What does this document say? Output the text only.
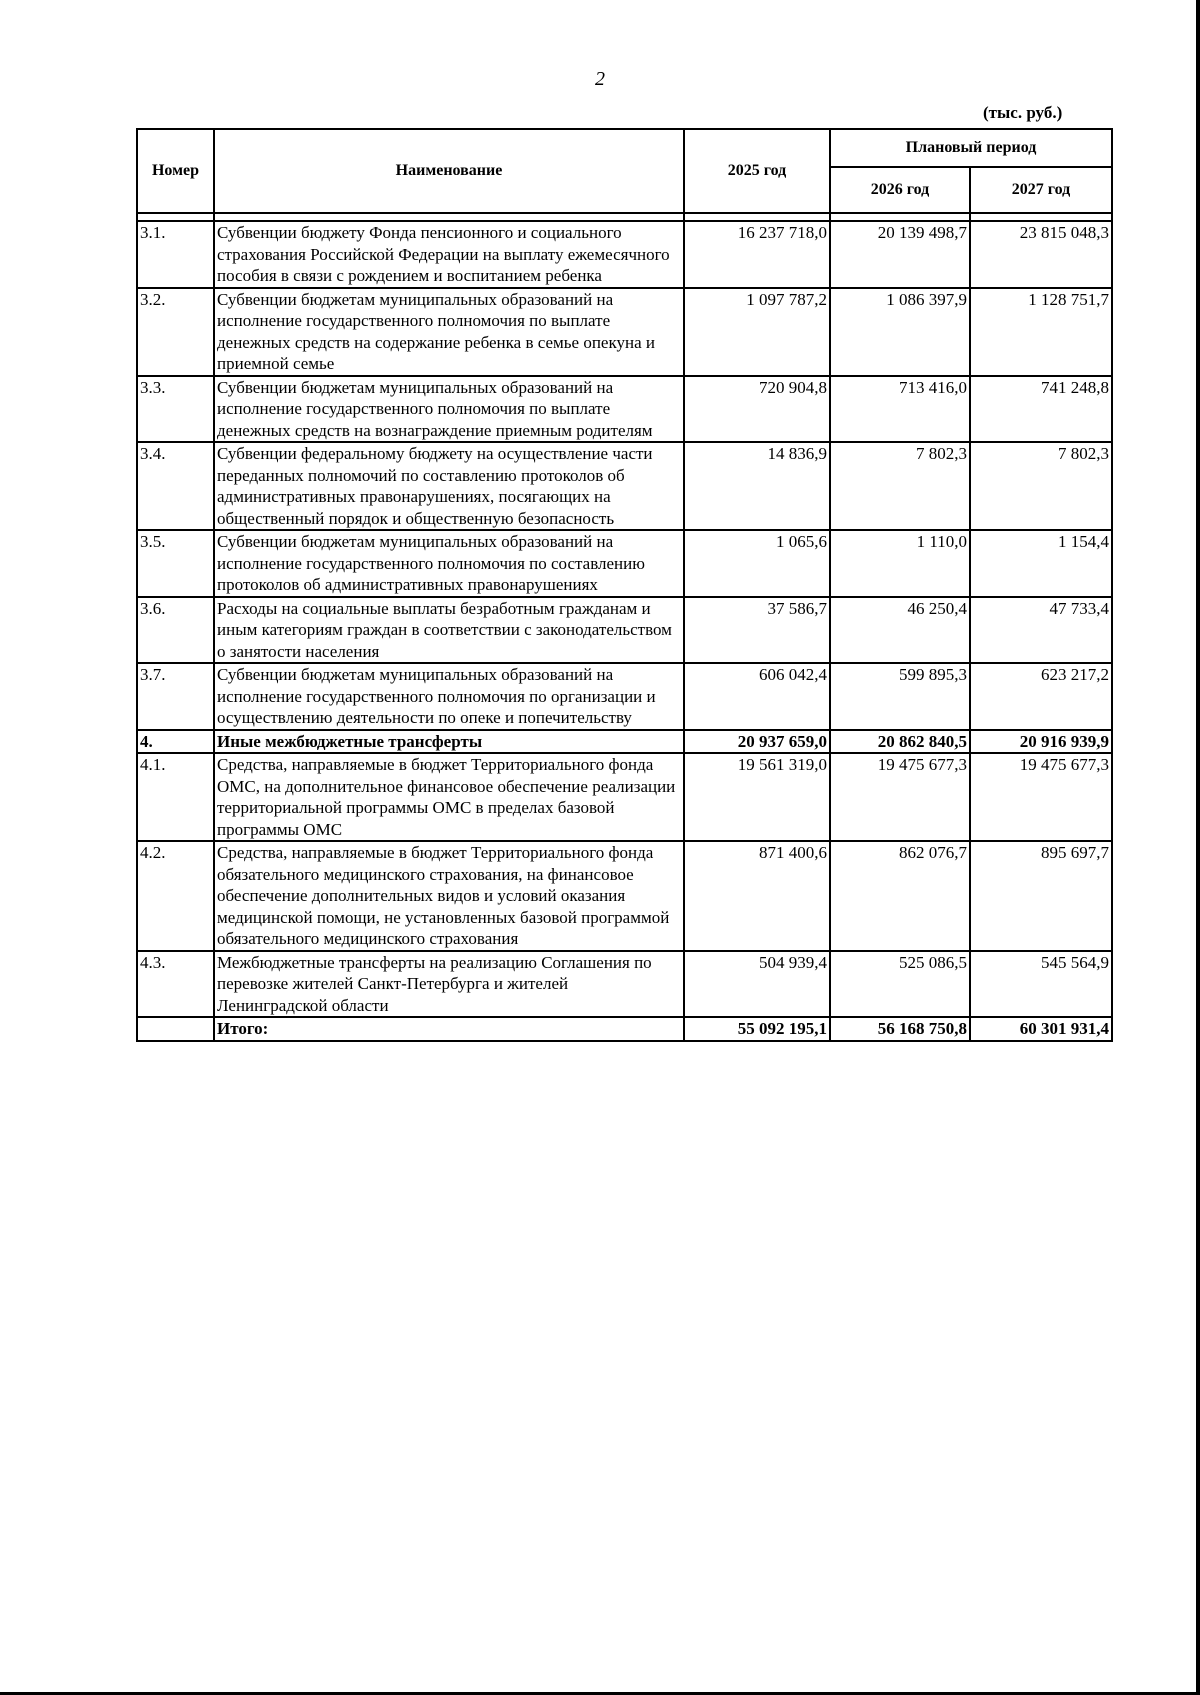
2
(тыс. руб.)
Номер	Наименование	2025 год	Плановый период	
			2026 год	2027 год

3.1.	Субвенции бюджету Фонда пенсионного и социального страхования Российской Федерации на выплату ежемесячного пособия в связи с рождением и воспитанием ребенка	16 237 718,0	20 139 498,7	23 815 048,3
3.2.	Субвенции бюджетам муниципальных образований на исполнение государственного полномочия по выплате денежных средств на содержание ребенка в семье опекуна и приемной семье	1 097 787,2	1 086 397,9	1 128 751,7
3.3.	Субвенции бюджетам муниципальных образований на исполнение государственного полномочия по выплате денежных средств на вознаграждение приемным родителям	720 904,8	713 416,0	741 248,8
3.4.	Субвенции федеральному бюджету на осуществление части переданных полномочий по составлению протоколов об административных правонарушениях, посягающих на общественный порядок и общественную безопасность	14 836,9	7 802,3	7 802,3
3.5.	Субвенции бюджетам муниципальных образований на исполнение государственного полномочия по составлению протоколов об административных правонарушениях	1 065,6	1 110,0	1 154,4
3.6.	Расходы на социальные выплаты безработным гражданам и иным категориям граждан в соответствии с законодательством о занятости населения	37 586,7	46 250,4	47 733,4
3.7.	Субвенции бюджетам муниципальных образований на исполнение государственного полномочия по организации и осуществлению деятельности по опеке и попечительству	606 042,4	599 895,3	623 217,2
4.	Иные межбюджетные трансферты	20 937 659,0	20 862 840,5	20 916 939,9
4.1.	Средства, направляемые в бюджет Территориального фонда ОМС, на дополнительное финансовое обеспечение реализации территориальной программы ОМС в пределах базовой программы ОМС	19 561 319,0	19 475 677,3	19 475 677,3
4.2.	Средства, направляемые в бюджет Территориального фонда обязательного медицинского страхования, на финансовое обеспечение дополнительных видов и условий оказания медицинской помощи, не установленных базовой программой обязательного медицинского страхования	871 400,6	862 076,7	895 697,7
4.3.	Межбюджетные трансферты на реализацию Соглашения по перевозке жителей Санкт-Петербурга и жителей Ленинградской области	504 939,4	525 086,5	545 564,9
	Итого:	55 092 195,1	56 168 750,8	60 301 931,4
